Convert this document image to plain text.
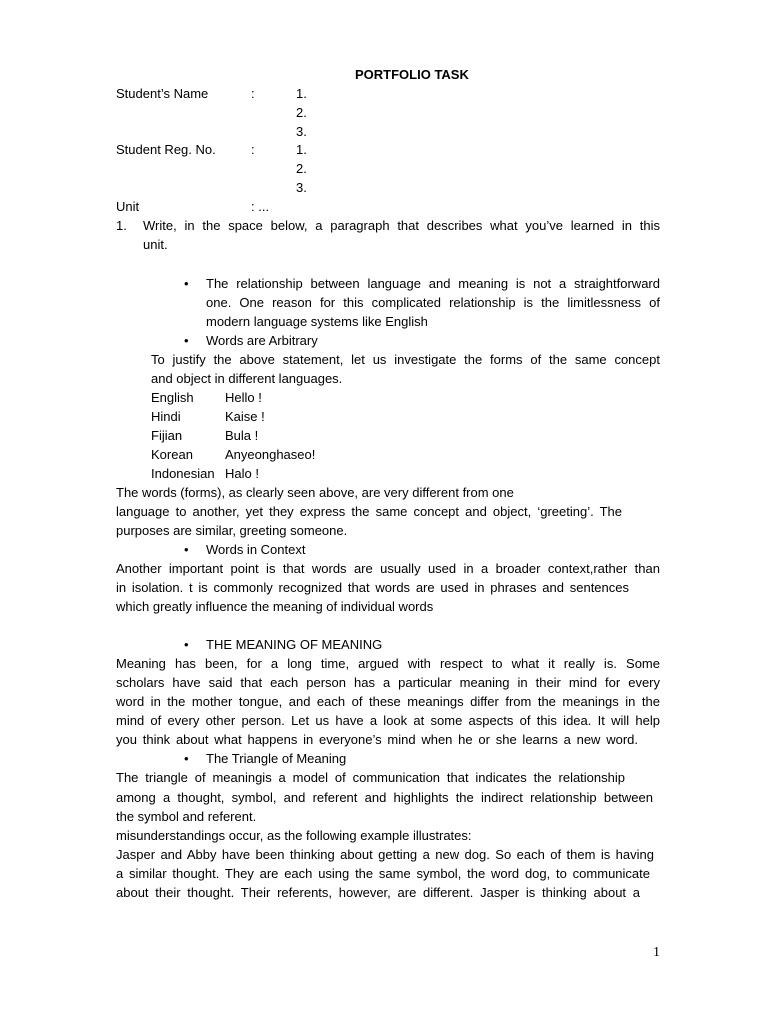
PORTFOLIO TASK
Student’s Name	:	1.
2.
3.
Student Reg. No.	:	1.
2.
3.
Unit	: ...
1. Write, in the space below, a paragraph that describes what you’ve learned in this
unit.
• The relationship between language and meaning is not a straightforward
one. One reason for this complicated relationship is the limitlessness of
modern language systems like English
• Words are Arbitrary
To justify the above statement, let us investigate the forms of the same concept
and object in different languages.
English Hello !
Hindi	Kaise !
Fijian	Bula !
Korean Anyeonghaseo!
Indonesian Halo !
The words (forms), as clearly seen above, are very different from one
language to another, yet they express the same concept and object, ‘greeting’. The
purposes are similar, greeting someone.
• Words in Context
Another important point is that words are usually used in a broader context,rather than
in isolation. t is commonly recognized that words are used in phrases and sentences
which greatly influence the meaning of individual words
• THE MEANING OF MEANING
Meaning has been, for a long time, argued with respect to what it really is. Some
scholars have said that each person has a particular meaning in their mind for every
word in the mother tongue, and each of these meanings differ from the meanings in the
mind of every other person. Let us have a look at some aspects of this idea. It will help
you think about what happens in everyone’s mind when he or she learns a new word.
• The Triangle of Meaning
The triangle of meaningis a model of communication that indicates the relationship
among a thought, symbol, and referent and highlights the indirect relationship between
the symbol and referent.
misunderstandings occur, as the following example illustrates:
Jasper and Abby have been thinking about getting a new dog. So each of them is having
a similar thought. They are each using the same symbol, the word dog, to communicate
about their thought. Their referents, however, are different. Jasper is thinking about a
1
